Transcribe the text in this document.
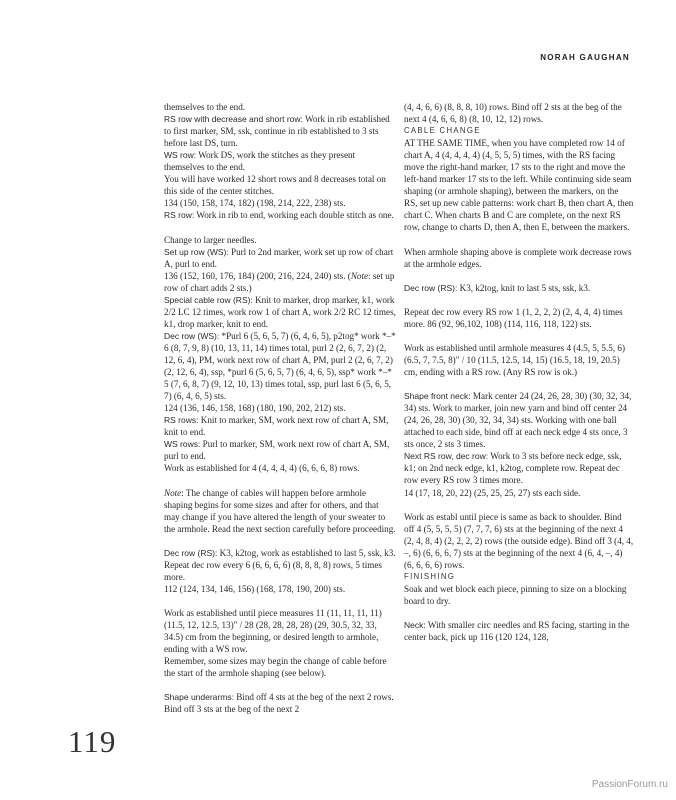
NORAH GAUGHAN

themselves to the end.

RS row with decrease and short row: Work in rib established to first marker, SM, ssk, continue in rib established to 3 sts before last DS, turn.

WS row: Work DS, work the stitches as they present themselves to the end.

You will have worked 12 short rows and 8 decreases total on this side of the center stitches.

134 (150, 158, 174, 182) (198, 214, 222, 238) sts.

RS row: Work in rib to end, working each double stitch as one.

Change to larger needles.

Set up row (WS): Purl to 2nd marker, work set up row of chart A, purl to end.

136 (152, 160, 176, 184) (200, 216, 224, 240) sts. (Note: set up row of chart adds 2 sts.)

Special cable row (RS): Knit to marker, drop marker, k1, work 2/2 LC 12 times, work row 1 of chart A, work 2/2 RC 12 times, k1, drop marker, knit to end.

Dec row (WS): *Purl 6 (5, 6, 5, 7) (6, 4, 6, 5), p2tog* work *–* 6 (8, 7, 9, 8) (10, 13, 11, 14) times total, purl 2 (2, 6, 7, 2) (2, 12, 6, 4), PM, work next row of chart A, PM, purl 2 (2, 6, 7, 2) (2, 12, 6, 4), ssp, *purl 6 (5, 6, 5, 7) (6, 4, 6, 5), ssp* work *–* 5 (7, 6, 8, 7) (9, 12, 10, 13) times total, ssp, purl last 6 (5, 6, 5, 7) (6, 4, 6, 5) sts.

124 (136, 146, 158, 168) (180, 190, 202, 212) sts.

RS rows: Knit to marker, SM, work next row of chart A, SM, knit to end.

WS rows: Purl to marker, SM, work next row of chart A, SM, purl to end.

Work as established for 4 (4, 4, 4, 4) (6, 6, 6, 8) rows.

Note: The change of cables will happen before armhole shaping begins for some sizes and after for others, and that may change if you have altered the length of your sweater to the armhole. Read the next section carefully before proceeding.

Dec row (RS): K3, k2tog, work as established to last 5, ssk, k3. Repeat dec row every 6 (6, 6, 6, 6) (8, 8, 8, 8) rows, 5 times more.

112 (124, 134, 146, 156) (168, 178, 190, 200) sts.

Work as established until piece measures 11 (11, 11, 11, 11) (11.5, 12, 12.5, 13)" / 28 (28, 28, 28, 28) (29, 30.5, 32, 33, 34.5) cm from the beginning, or desired length to armhole, ending with a WS row.

Remember, some sizes may begin the change of cable before the start of the armhole shaping (see below).

Shape underarms: Bind off 4 sts at the beg of the next 2 rows. Bind off 3 sts at the beg of the next 2

(4, 4, 6, 6) (8, 8, 8, 10) rows. Bind off 2 sts at the beg of the next 4 (4, 6, 6, 8) (8, 10, 12, 12) rows.

CABLE CHANGE

AT THE SAME TIME, when you have completed row 14 of chart A, 4 (4, 4, 4, 4) (4, 5, 5, 5) times, with the RS facing move the right-hand marker, 17 sts to the right and move the left-hand marker 17 sts to the left. While continuing side seam shaping (or armhole shaping), between the markers, on the RS, set up new cable patterns: work chart B, then chart A, then chart C. When charts B and C are complete, on the next RS row, change to charts D, then A, then E, between the markers.

When armhole shaping above is complete work decrease rows at the armhole edges.

Dec row (RS): K3, k2tog, knit to last 5 sts, ssk, k3.

Repeat dec row every RS row 1 (1, 2, 2, 2) (2, 4, 4, 4) times more. 86 (92, 96,102, 108) (114, 116, 118, 122) sts.

Work as established until armhole measures 4 (4.5, 5, 5.5, 6) (6.5, 7, 7.5, 8)" / 10 (11.5, 12.5, 14, 15) (16.5, 18, 19, 20.5) cm, ending with a RS row. (Any RS row is ok.)

Shape front neck: Mark center 24 (24, 26, 28, 30) (30, 32, 34, 34) sts. Work to marker, join new yarn and bind off center 24 (24, 26, 28, 30) (30, 32, 34, 34) sts. Working with one ball attached to each side, bind off at each neck edge 4 sts once, 3 sts once, 2 sts 3 times.

Next RS row, dec row: Work to 3 sts before neck edge, ssk, k1; on 2nd neck edge, k1, k2tog, complete row. Repeat dec row every RS row 3 times more.

14 (17, 18, 20, 22) (25, 25, 25, 27) sts each side.

Work as establ until piece is same as back to shoulder. Bind off 4 (5, 5, 5, 5) (7, 7, 7, 6) sts at the beginning of the next 4 (2, 4, 8, 4) (2, 2, 2, 2) rows (the outside edge). Bind off 3 (4, 4, –, 6) (6, 6, 6, 7) sts at the beginning of the next 4 (6, 4, –, 4) (6, 6, 6, 6) rows.

FINISHING

Soak and wet block each piece, pinning to size on a blocking board to dry.

Neck: With smaller circ needles and RS facing, starting in the center back, pick up 116 (120 124, 128,

119
PassionForum.ru
